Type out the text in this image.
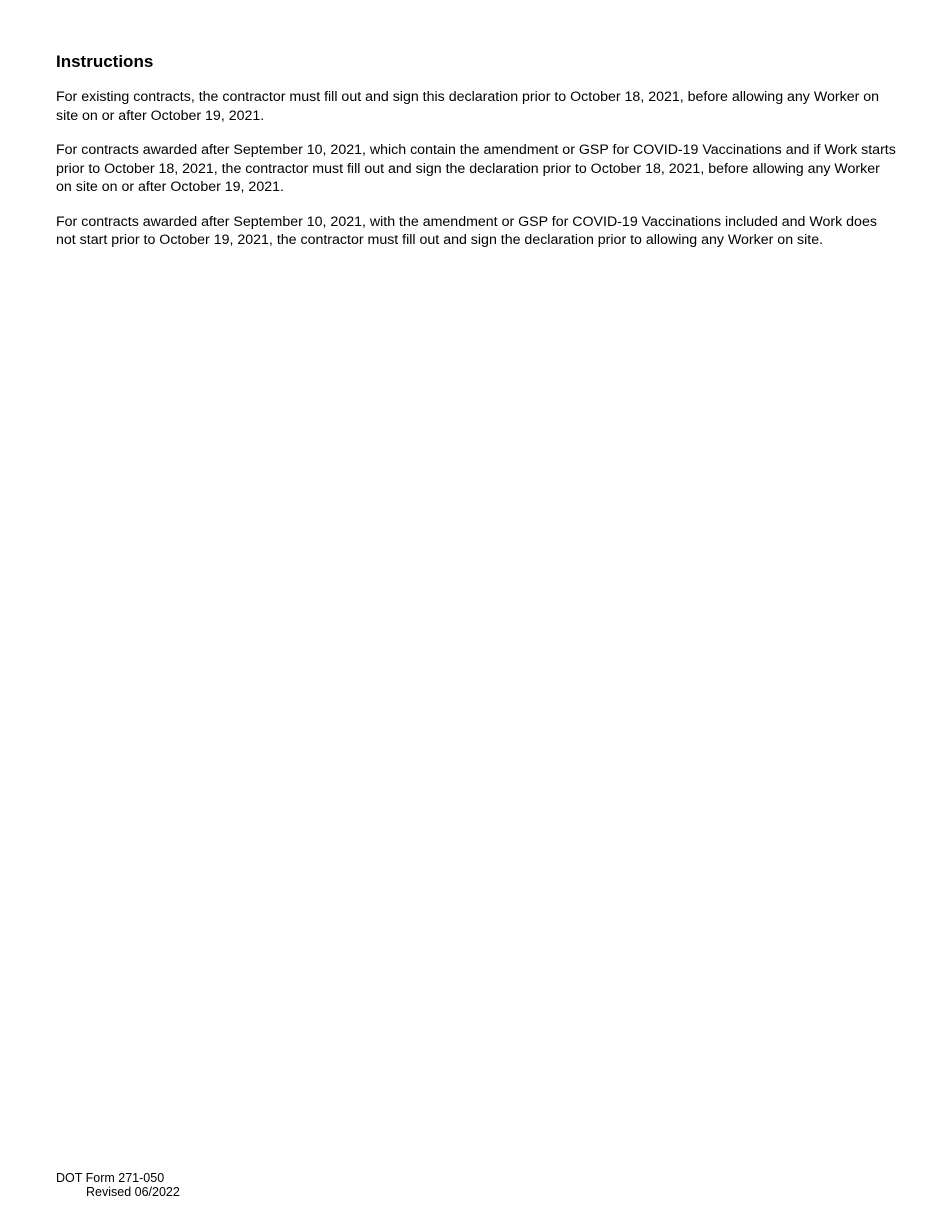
Instructions

For existing contracts, the contractor must fill out and sign this declaration prior to October 18, 2021, before allowing any Worker on site on or after October 19, 2021.

For contracts awarded after September 10, 2021, which contain the amendment or GSP for COVID-19 Vaccinations and if Work starts prior to October 18, 2021, the contractor must fill out and sign the declaration prior to October 18, 2021, before allowing any Worker on site on or after October 19, 2021.

For contracts awarded after September 10, 2021, with the amendment or GSP for COVID-19 Vaccinations included and Work does not start prior to October 19, 2021, the contractor must fill out and sign the declaration prior to allowing any Worker on site.

DOT Form 271-050
Revised 06/2022
